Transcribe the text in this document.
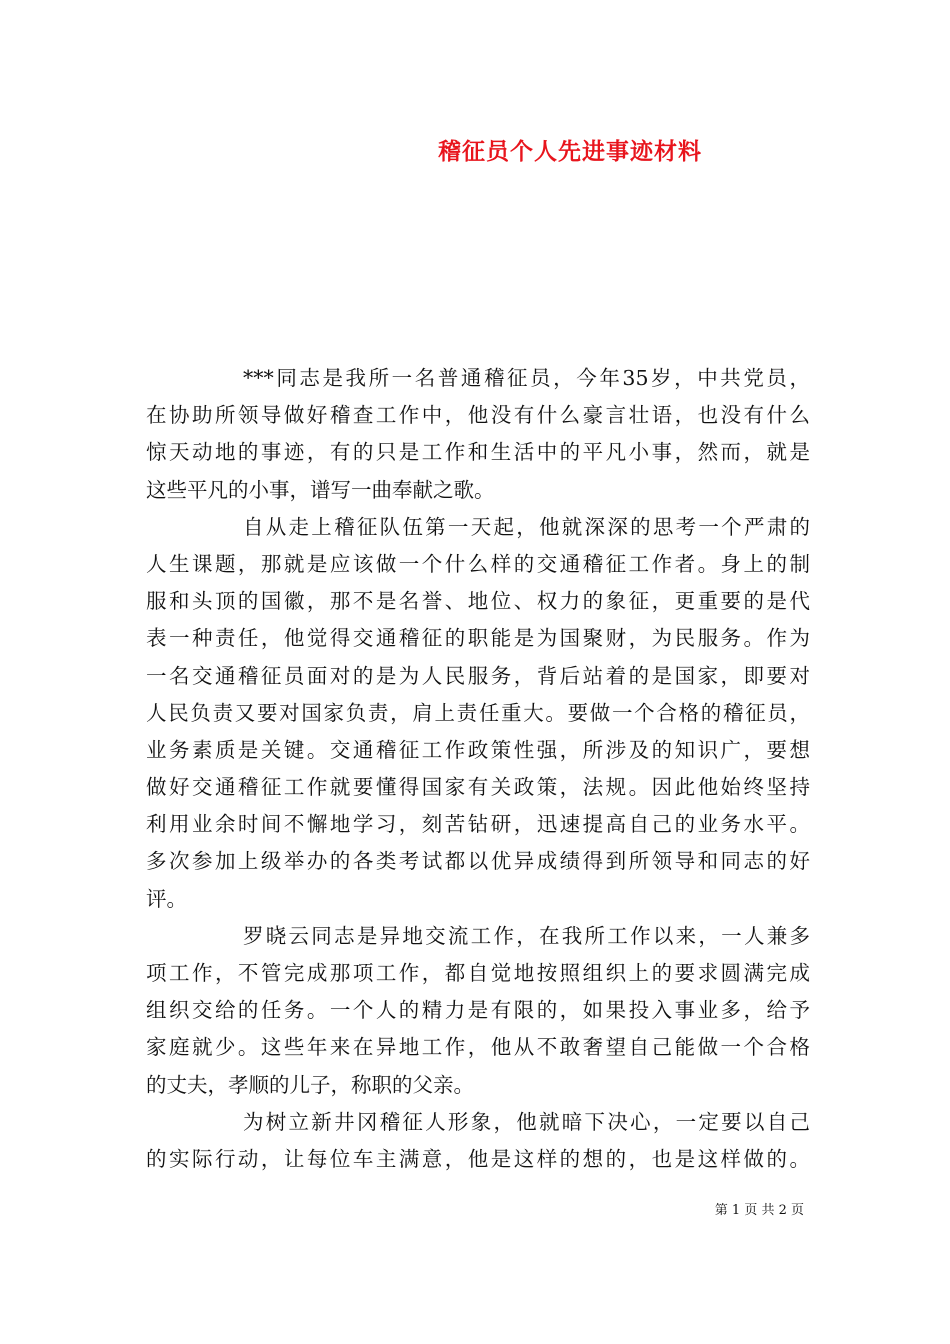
稽征员个人先进事迹材料
***同志是我所一名普通稽征员，今年35岁，中共党员，
在协助所领导做好稽查工作中，他没有什么豪言壮语，也没有什么
惊天动地的事迹，有的只是工作和生活中的平凡小事，然而，就是
这些平凡的小事，谱写一曲奉献之歌。
自从走上稽征队伍第一天起，他就深深的思考一个严肃的
人生课题，那就是应该做一个什么样的交通稽征工作者。身上的制
服和头顶的国徽，那不是名誉、地位、权力的象征，更重要的是代
表一种责任，他觉得交通稽征的职能是为国聚财，为民服务。作为
一名交通稽征员面对的是为人民服务，背后站着的是国家，即要对
人民负责又要对国家负责，肩上责任重大。要做一个合格的稽征员，
业务素质是关键。交通稽征工作政策性强，所涉及的知识广，要想
做好交通稽征工作就要懂得国家有关政策，法规。因此他始终坚持
利用业余时间不懈地学习，刻苦钻研，迅速提高自己的业务水平。
多次参加上级举办的各类考试都以优异成绩得到所领导和同志的好
评。
罗晓云同志是异地交流工作，在我所工作以来，一人兼多
项工作，不管完成那项工作，都自觉地按照组织上的要求圆满完成
组织交给的任务。一个人的精力是有限的，如果投入事业多，给予
家庭就少。这些年来在异地工作，他从不敢奢望自己能做一个合格
的丈夫，孝顺的儿子，称职的父亲。
为树立新井冈稽征人形象，他就暗下决心，一定要以自己
的实际行动，让每位车主满意，他是这样的想的，也是这样做的。
第 1 页 共 2 页
